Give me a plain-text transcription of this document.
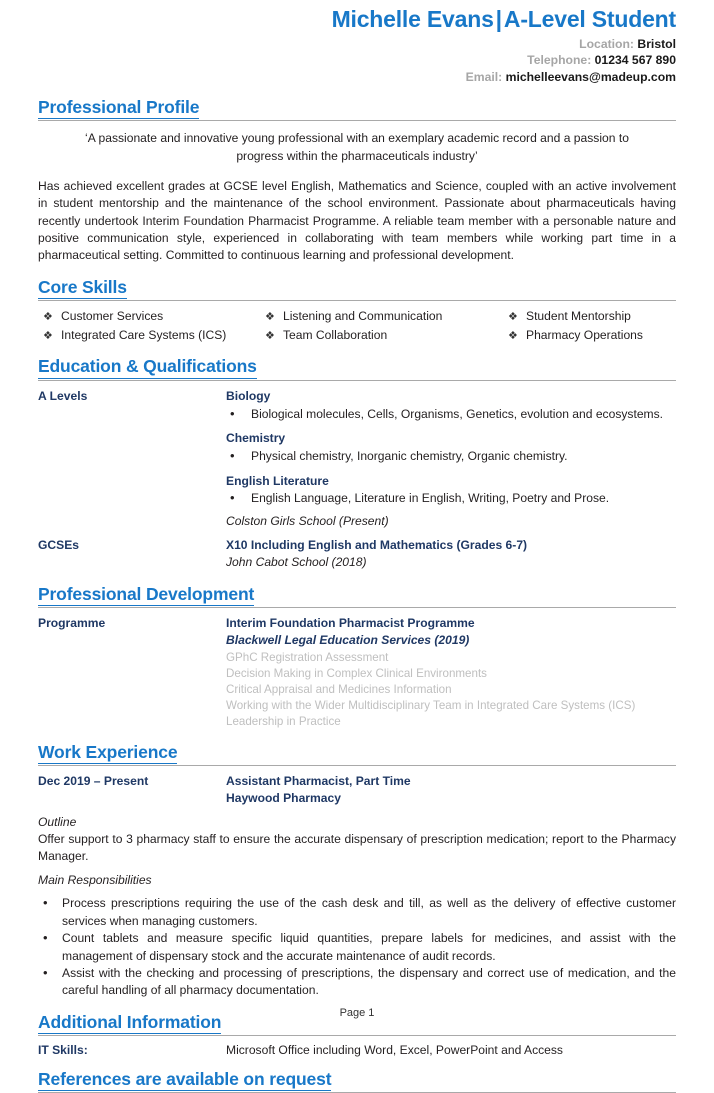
Michelle Evans|A-Level Student
Location: Bristol
Telephone: 01234 567 890
Email: michelleevans@madeup.com
Professional Profile
‘A passionate and innovative young professional with an exemplary academic record and a passion to progress within the pharmaceuticals industry’
Has achieved excellent grades at GCSE level English, Mathematics and Science, coupled with an active involvement in student mentorship and the maintenance of the school environment. Passionate about pharmaceuticals having recently undertook Interim Foundation Pharmacist Programme. A reliable team member with a personable nature and positive communication style, experienced in collaborating with team members while working part time in a pharmaceutical setting. Committed to continuous learning and professional development.
Core Skills
❖ Customer Services	❖ Listening and Communication	❖ Student Mentorship
❖ Integrated Care Systems (ICS)	❖ Team Collaboration	❖ Pharmacy Operations
Education & Qualifications
A Levels	Biology
• Biological molecules, Cells, Organisms, Genetics, evolution and ecosystems.
Chemistry
• Physical chemistry, Inorganic chemistry, Organic chemistry.
English Literature
• English Language, Literature in English, Writing, Poetry and Prose.
Colston Girls School (Present)
GCSEs	X10 Including English and Mathematics (Grades 6-7)
John Cabot School (2018)
Professional Development
Programme	Interim Foundation Pharmacist Programme
Blackwell Legal Education Services (2019)
GPhC Registration Assessment
Decision Making in Complex Clinical Environments
Critical Appraisal and Medicines Information
Working with the Wider Multidisciplinary Team in Integrated Care Systems (ICS)
Leadership in Practice
Work Experience
Dec 2019 – Present	Assistant Pharmacist, Part Time
Haywood Pharmacy
Outline
Offer support to 3 pharmacy staff to ensure the accurate dispensary of prescription medication; report to the Pharmacy Manager.
Main Responsibilities
• Process prescriptions requiring the use of the cash desk and till, as well as the delivery of effective customer services when managing customers.
• Count tablets and measure specific liquid quantities, prepare labels for medicines, and assist with the management of dispensary stock and the accurate maintenance of audit records.
• Assist with the checking and processing of prescriptions, the dispensary and correct use of medication, and the careful handling of all pharmacy documentation.
Additional Information
IT Skills:	Microsoft Office including Word, Excel, PowerPoint and Access
References are available on request
Page 1
